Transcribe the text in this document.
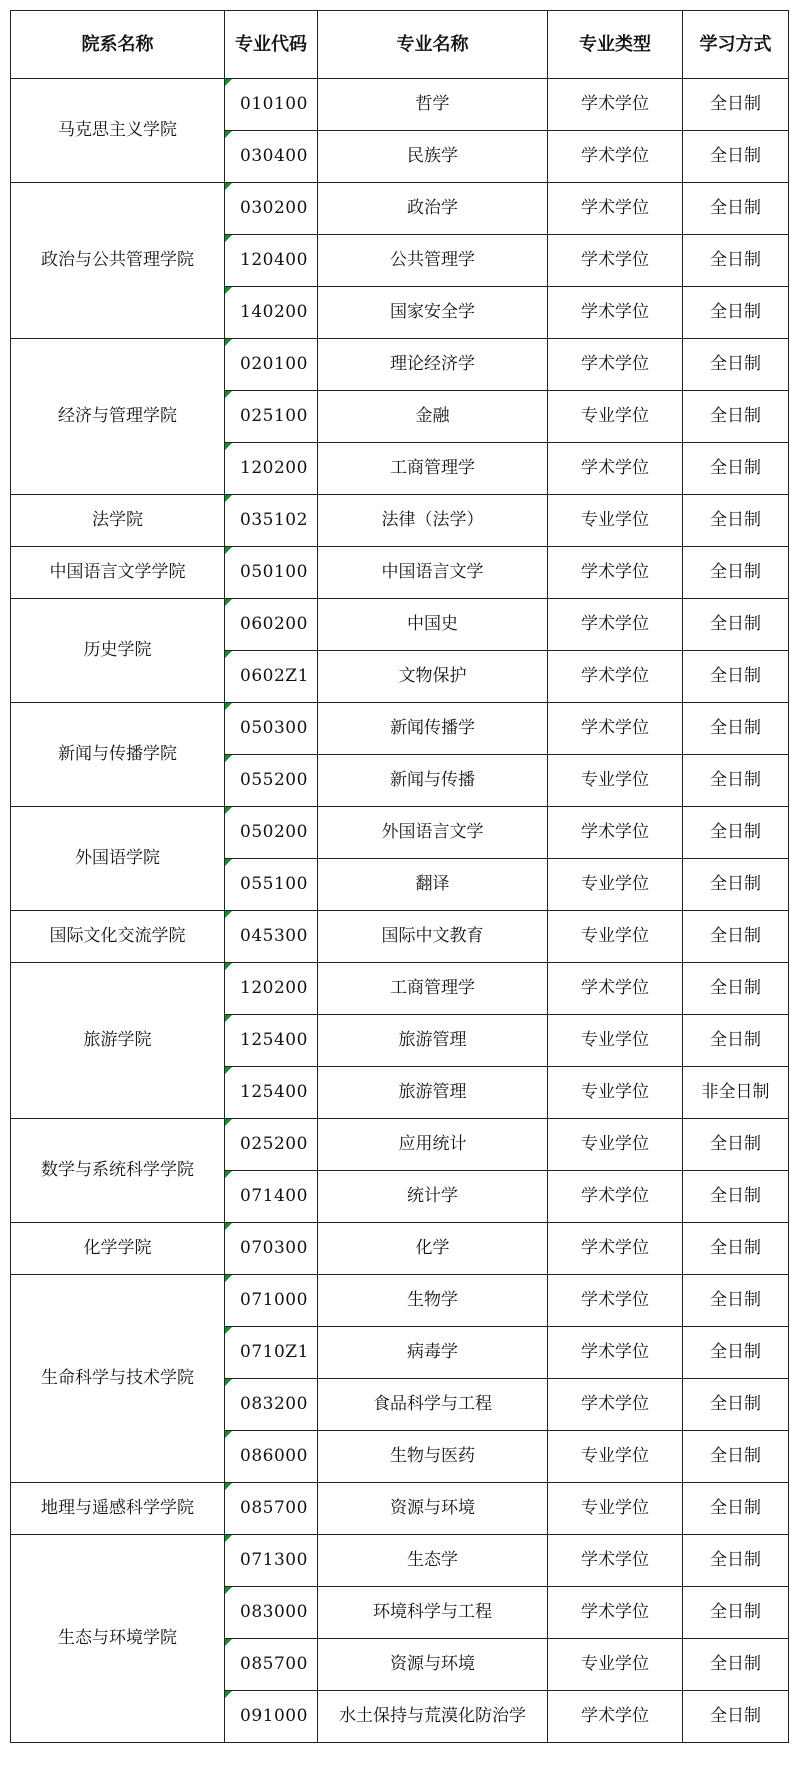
院系名称	专业代码	专业名称	专业类型	学习方式
马克思主义学院	010100	哲学	学术学位	全日制
	030400	民族学	学术学位	全日制
政治与公共管理学院	030200	政治学	学术学位	全日制
	120400	公共管理学	学术学位	全日制
	140200	国家安全学	学术学位	全日制
经济与管理学院	020100	理论经济学	学术学位	全日制
	025100	金融	专业学位	全日制
	120200	工商管理学	学术学位	全日制
法学院	035102	法律（法学）	专业学位	全日制
中国语言文学学院	050100	中国语言文学	学术学位	全日制
历史学院	060200	中国史	学术学位	全日制
	0602Z1	文物保护	学术学位	全日制
新闻与传播学院	050300	新闻传播学	学术学位	全日制
	055200	新闻与传播	专业学位	全日制
外国语学院	050200	外国语言文学	学术学位	全日制
	055100	翻译	专业学位	全日制
国际文化交流学院	045300	国际中文教育	专业学位	全日制
旅游学院	120200	工商管理学	学术学位	全日制
	125400	旅游管理	专业学位	全日制
	125400	旅游管理	专业学位	非全日制
数学与系统科学学院	025200	应用统计	专业学位	全日制
	071400	统计学	学术学位	全日制
化学学院	070300	化学	学术学位	全日制
生命科学与技术学院	071000	生物学	学术学位	全日制
	0710Z1	病毒学	学术学位	全日制
	083200	食品科学与工程	学术学位	全日制
	086000	生物与医药	专业学位	全日制
地理与遥感科学学院	085700	资源与环境	专业学位	全日制
生态与环境学院	071300	生态学	学术学位	全日制
	083000	环境科学与工程	学术学位	全日制
	085700	资源与环境	专业学位	全日制
	091000	水土保持与荒漠化防治学	学术学位	全日制
